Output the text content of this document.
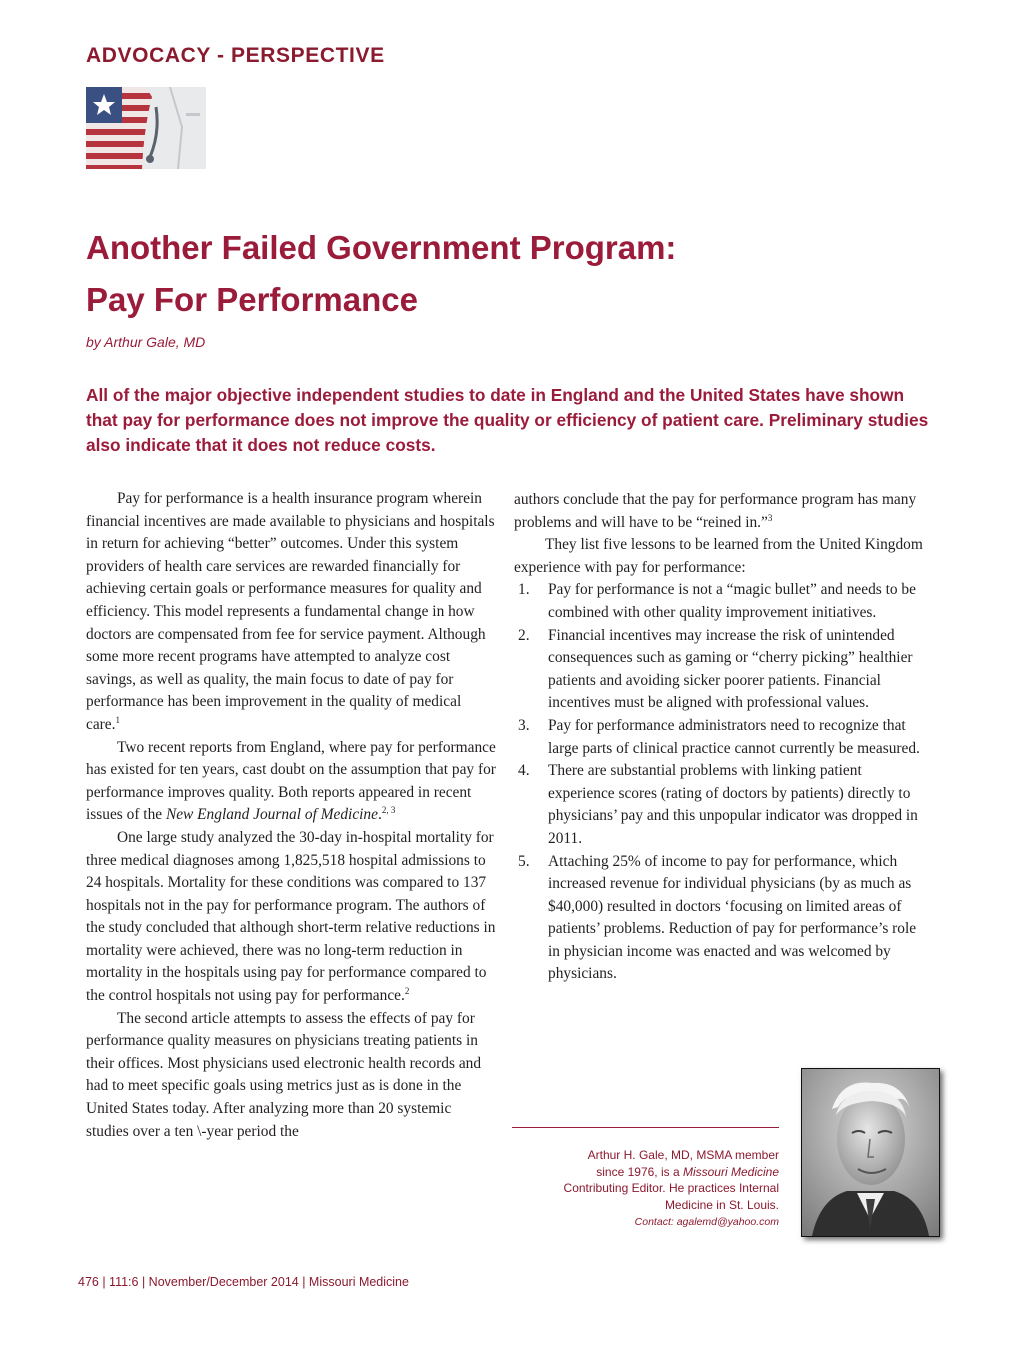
ADVOCACY - PERSPECTIVE
Another Failed Government Program:
Pay For Performance
by Arthur Gale, MD

All of the major objective independent studies to date in England and the United States have shown that pay for performance does not improve the quality or efficiency of patient care. Preliminary studies also indicate that it does not reduce costs.

Pay for performance is a health insurance program wherein financial incentives are made available to physicians and hospitals in return for achieving “better” outcomes. Under this system providers of health care services are rewarded financially for achieving certain goals or performance measures for quality and efficiency. This model represents a fundamental change in how doctors are compensated from fee for service payment. Although some more recent programs have attempted to analyze cost savings, as well as quality, the main focus to date of pay for performance has been improvement in the quality of medical care.$^1$

Two recent reports from England, where pay for performance has existed for ten years, cast doubt on the assumption that pay for performance improves quality. Both reports appeared in recent issues of the New England Journal of Medicine.$^{2, 3}$

One large study analyzed the 30-day in-hospital mortality for three medical diagnoses among 1,825,518 hospital admissions to 24 hospitals. Mortality for these conditions was compared to 137 hospitals not in the pay for performance program. The authors of the study concluded that although short-term relative reductions in mortality were achieved, there was no long-term reduction in mortality in the hospitals using pay for performance compared to the control hospitals not using pay for performance.$^2$

The second article attempts to assess the effects of pay for performance quality measures on physicians treating patients in their offices. Most physicians used electronic health records and had to meet specific goals using metrics just as is done in the United States today. After analyzing more than 20 systemic studies over a ten \-year period the

authors conclude that the pay for performance program has many problems and will have to be “reined in.”$^3$

They list five lessons to be learned from the United Kingdom experience with pay for performance:

1. Pay for performance is not a “magic bullet” and needs to be combined with other quality improvement initiatives.
2. Financial incentives may increase the risk of unintended consequences such as gaming or “cherry picking” healthier patients and avoiding sicker poorer patients. Financial incentives must be aligned with professional values.
3. Pay for performance administrators need to recognize that large parts of clinical practice cannot currently be measured.
4. There are substantial problems with linking patient experience scores (rating of doctors by patients) directly to physicians’ pay and this unpopular indicator was dropped in 2011.
5. Attaching 25% of income to pay for performance, which increased revenue for individual physicians (by as much as $40,000) resulted in doctors ‘focusing on limited areas of patients’ problems. Reduction of pay for performance’s role in physician income was enacted and was welcomed by physicians.
Arthur H. Gale, MD, MSMA member
since 1976, is a Missouri Medicine
Contributing Editor. He practices Internal
Medicine in St. Louis.
Contact: agalemd@yahoo.com
476 | 111:6 | November/December 2014 | Missouri Medicine
